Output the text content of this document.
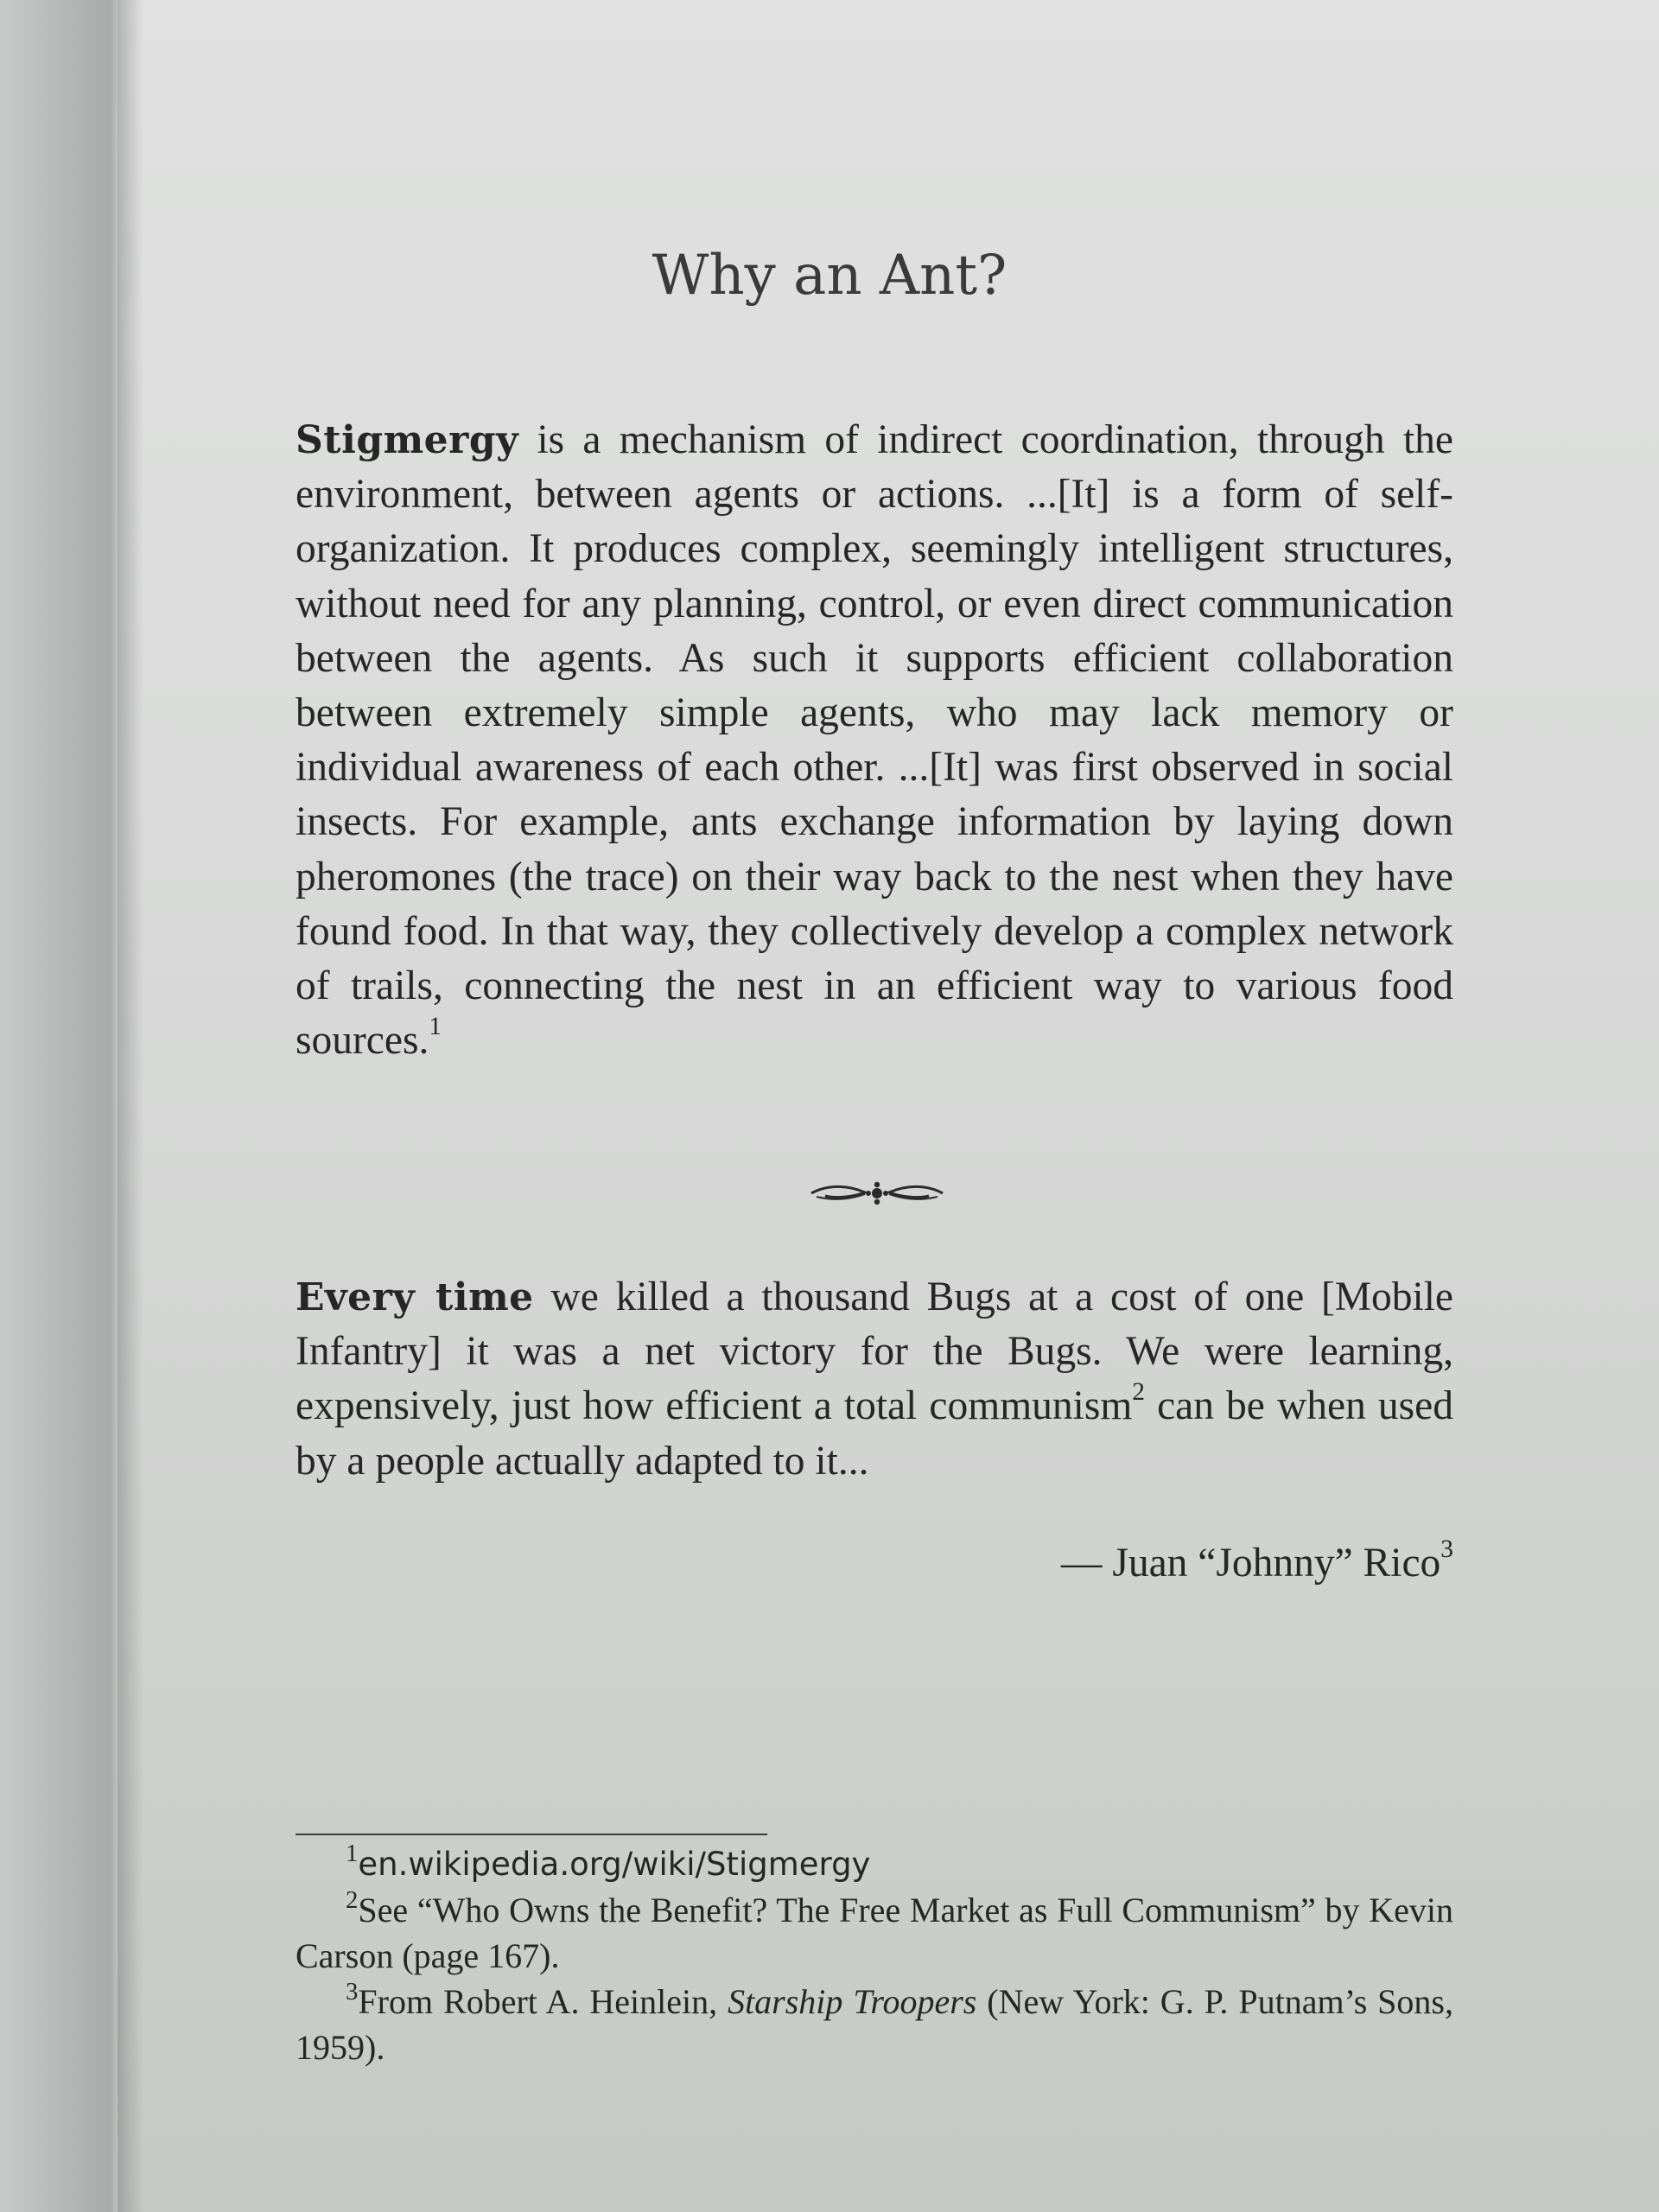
Why an Ant?

Stigmergy is a mechanism of indirect coordination, through the environment, between agents or actions. ...[It] is a form of self-organization. It produces complex, seemingly intelligent structures, without need for any planning, control, or even direct communication between the agents. As such it supports efficient collaboration between extremely simple agents, who may lack memory or individual awareness of each other. ...[It] was first observed in social insects. For example, ants exchange information by laying down pheromones (the trace) on their way back to the nest when they have found food. In that way, they collectively develop a complex network of trails, connecting the nest in an efficient way to various food sources.$^1$

Every time we killed a thousand Bugs at a cost of one [Mobile Infantry] it was a net victory for the Bugs. We were learning, expensively, just how efficient a total communism$^2$ can be when used by a people actually adapted to it...

— Juan “Johnny” Rico$^3$

$^1$en.wikipedia.org/wiki/Stigmergy

$^2$See “Who Owns the Benefit? The Free Market as Full Communism” by Kevin Carson (page 167).

$^3$From Robert A. Heinlein, Starship Troopers (New York: G. P. Putnam’s Sons, 1959).
